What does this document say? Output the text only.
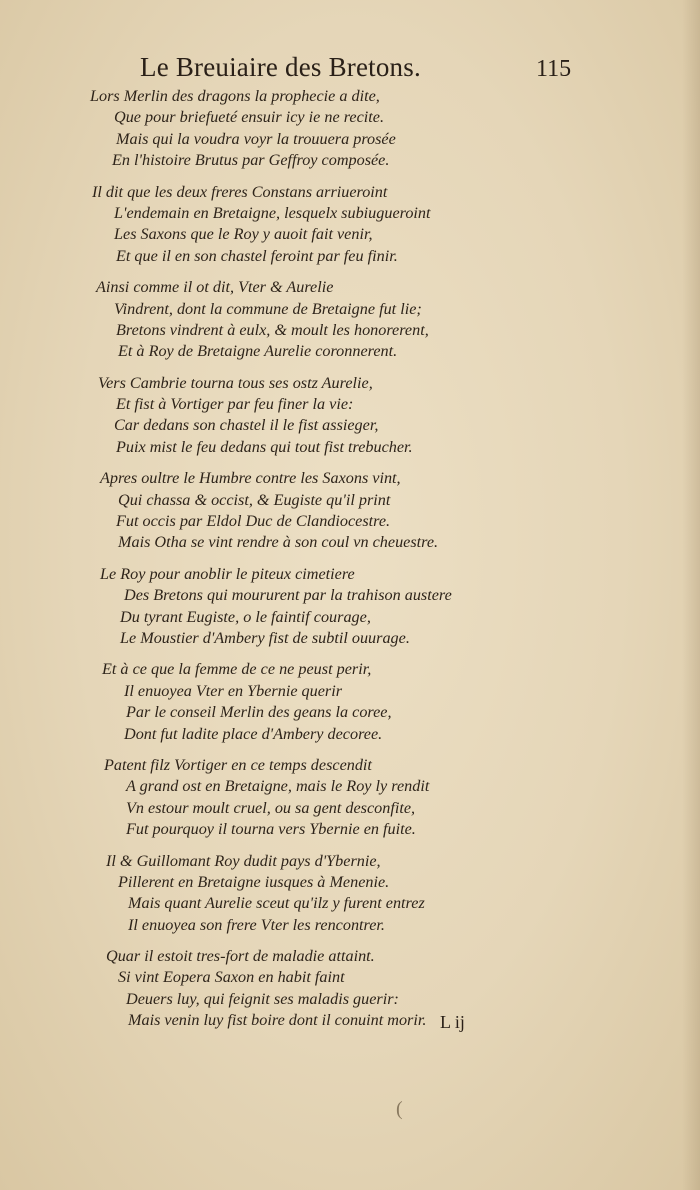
Le Breuiaire des Bretons.	115
Lors Merlin des dragons la prophecie a dite,
Que pour briefueté ensuir icy ie ne recite.
Mais qui la voudra voyr la trouuera prosée
En l'histoire Brutus par Geffroy composée.
Il dit que les deux freres Constans arriueroint
L'endemain en Bretaigne, lesquelx subiugueroint
Les Saxons que le Roy y auoit fait venir,
Et que il en son chastel feroint par feu finir.
Ainsi comme il ot dit, Vter & Aurelie
Vindrent, dont la commune de Bretaigne fut lie;
Bretons vindrent à eulx, & moult les honorerent,
Et à Roy de Bretaigne Aurelie coronnerent.
Vers Cambrie tourna tous ses ostz Aurelie,
Et fist à Vortiger par feu finer la vie:
Car dedans son chastel il le fist assieger,
Puix mist le feu dedans qui tout fist trebucher.
Apres oultre le Humbre contre les Saxons vint,
Qui chassa & occist, & Eugiste qu'il print
Fut occis par Eldol Duc de Clandiocestre.
Mais Otha se vint rendre à son coul vn cheuestre.
Le Roy pour anoblir le piteux cimetiere
Des Bretons qui moururent par la trahison austere
Du tyrant Eugiste, o le faintif courage,
Le Moustier d'Ambery fist de subtil ouurage.
Et à ce que la femme de ce ne peust perir,
Il enuoyea Vter en Ybernie querir
Par le conseil Merlin des geans la coree,
Dont fut ladite place d'Ambery decoree.
Patent filz Vortiger en ce temps descendit
A grand ost en Bretaigne, mais le Roy ly rendit
Vn estour moult cruel, ou sa gent desconfite,
Fut pourquoy il tourna vers Ybernie en fuite.
Il & Guillomant Roy dudit pays d'Ybernie,
Pillerent en Bretaigne iusques à Menenie.
Mais quant Aurelie sceut qu'ilz y furent entrez
Il enuoyea son frere Vter les rencontrer.
Quar il estoit tres-fort de maladie attaint.
Si vint Eopera Saxon en habit faint
Deuers luy, qui feignit ses maladis guerir:
Mais venin luy fist boire dont il conuint morir. L ij
(
